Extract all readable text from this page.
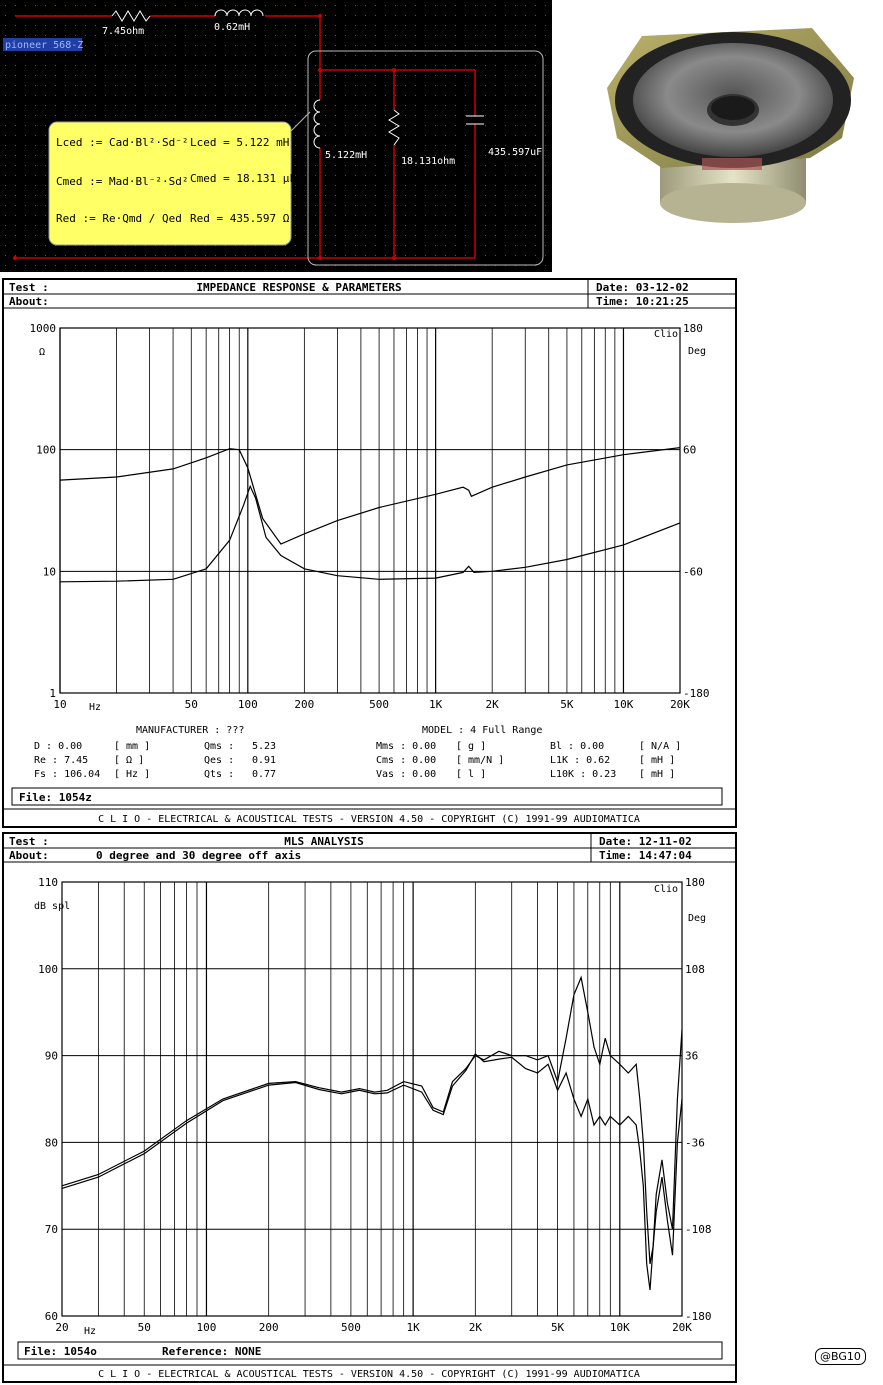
7.45ohm	0.62mH
5.122mH
18.131ohm
435.597uF
pioneer 568-Z
Lced := Cad·Bl²·Sd⁻² Lced = 5.122 mH
Cmed := Mad·Bl⁻²·Sd² Cmed = 18.131 μF
Red := Re·Qmd / Qed Red = 435.597 Ω
Test :
About:
IMPEDANCE RESPONSE & PARAMETERS	Date: 03-12-02
Time: 10:21:25
10	50	100	200	500	1K	2K	5K	10K	20K
1
10
100
1000
-180
-60
60
180
Clio
Ω	Deg
Hz
MANUFACTURER : ???	MODEL : 4 Full Range
D : 0.00	[ mm ]	Qms : 5.23	Mms : 0.00 [ g ]	Bl : 0.00	[ N/A ]
Re : 7.45	[ Ω ]	Qes : 0.91	Cms : 0.00 [ mm/N ]	L1K : 0.62	[ mH ]
Fs : 106.04 [ Hz ]	Qts : 0.77	Vas : 0.00 [ l ]	L10K : 0.23 [ mH ]
File: 1054z
C L I O - ELECTRICAL & ACOUSTICAL TESTS - VERSION 4.50 - COPYRIGHT (C) 1991-99 AUDIOMATICA
Test :
About:
MLS ANALYSIS
0 degree and 30 degree off axis
Date: 12-11-02
Time: 14:47:04
20	50	100	200	500	1K	2K	5K	10K	20K
60
70
80
90
100
110
-180
-108
-36
36
108
180
Clio
dB spl
Deg
Hz
File: 1054o	Reference: NONE
C L I O - ELECTRICAL & ACOUSTICAL TESTS - VERSION 4.50 - COPYRIGHT (C) 1991-99 AUDIOMATICA
@BG10
